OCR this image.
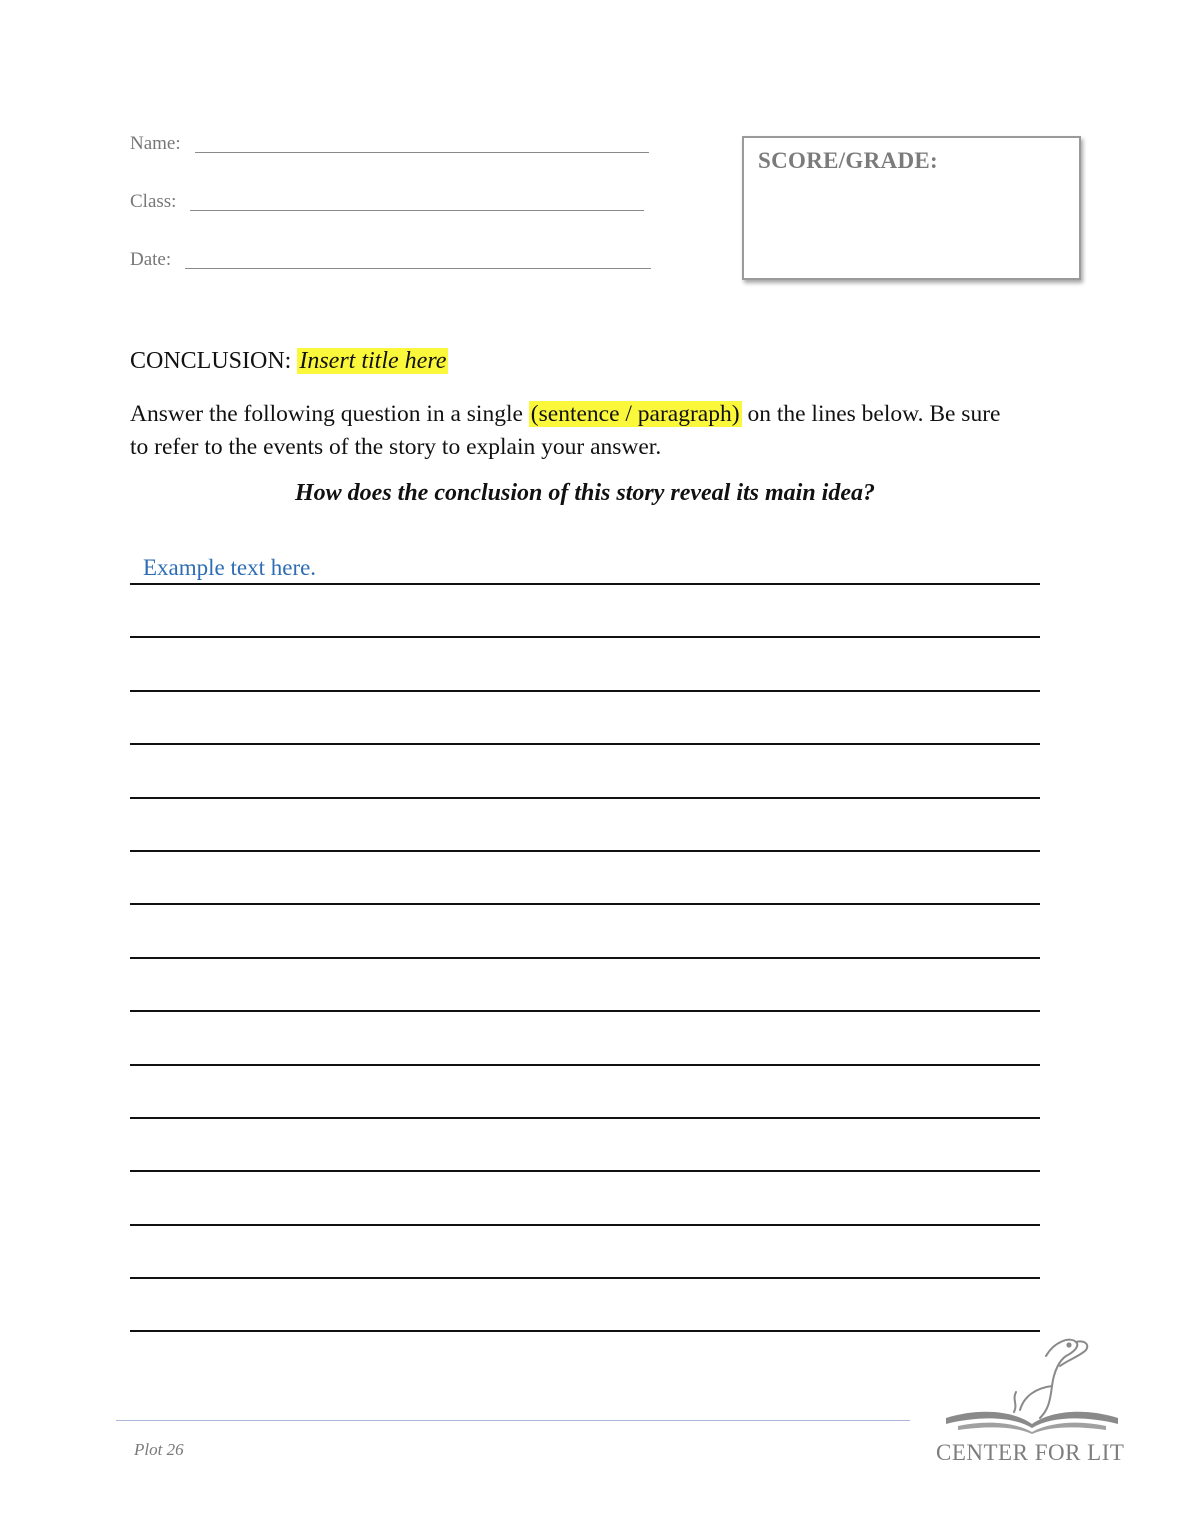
Name:
Class:
Date:
SCORE/GRADE:
CONCLUSION: Insert title here
Answer the following question in a single (sentence / paragraph) on the lines below. Be sure to refer to the events of the story to explain your answer.
How does the conclusion of this story reveal its main idea?
Example text here.
Plot 26	CENTER FOR LIT
